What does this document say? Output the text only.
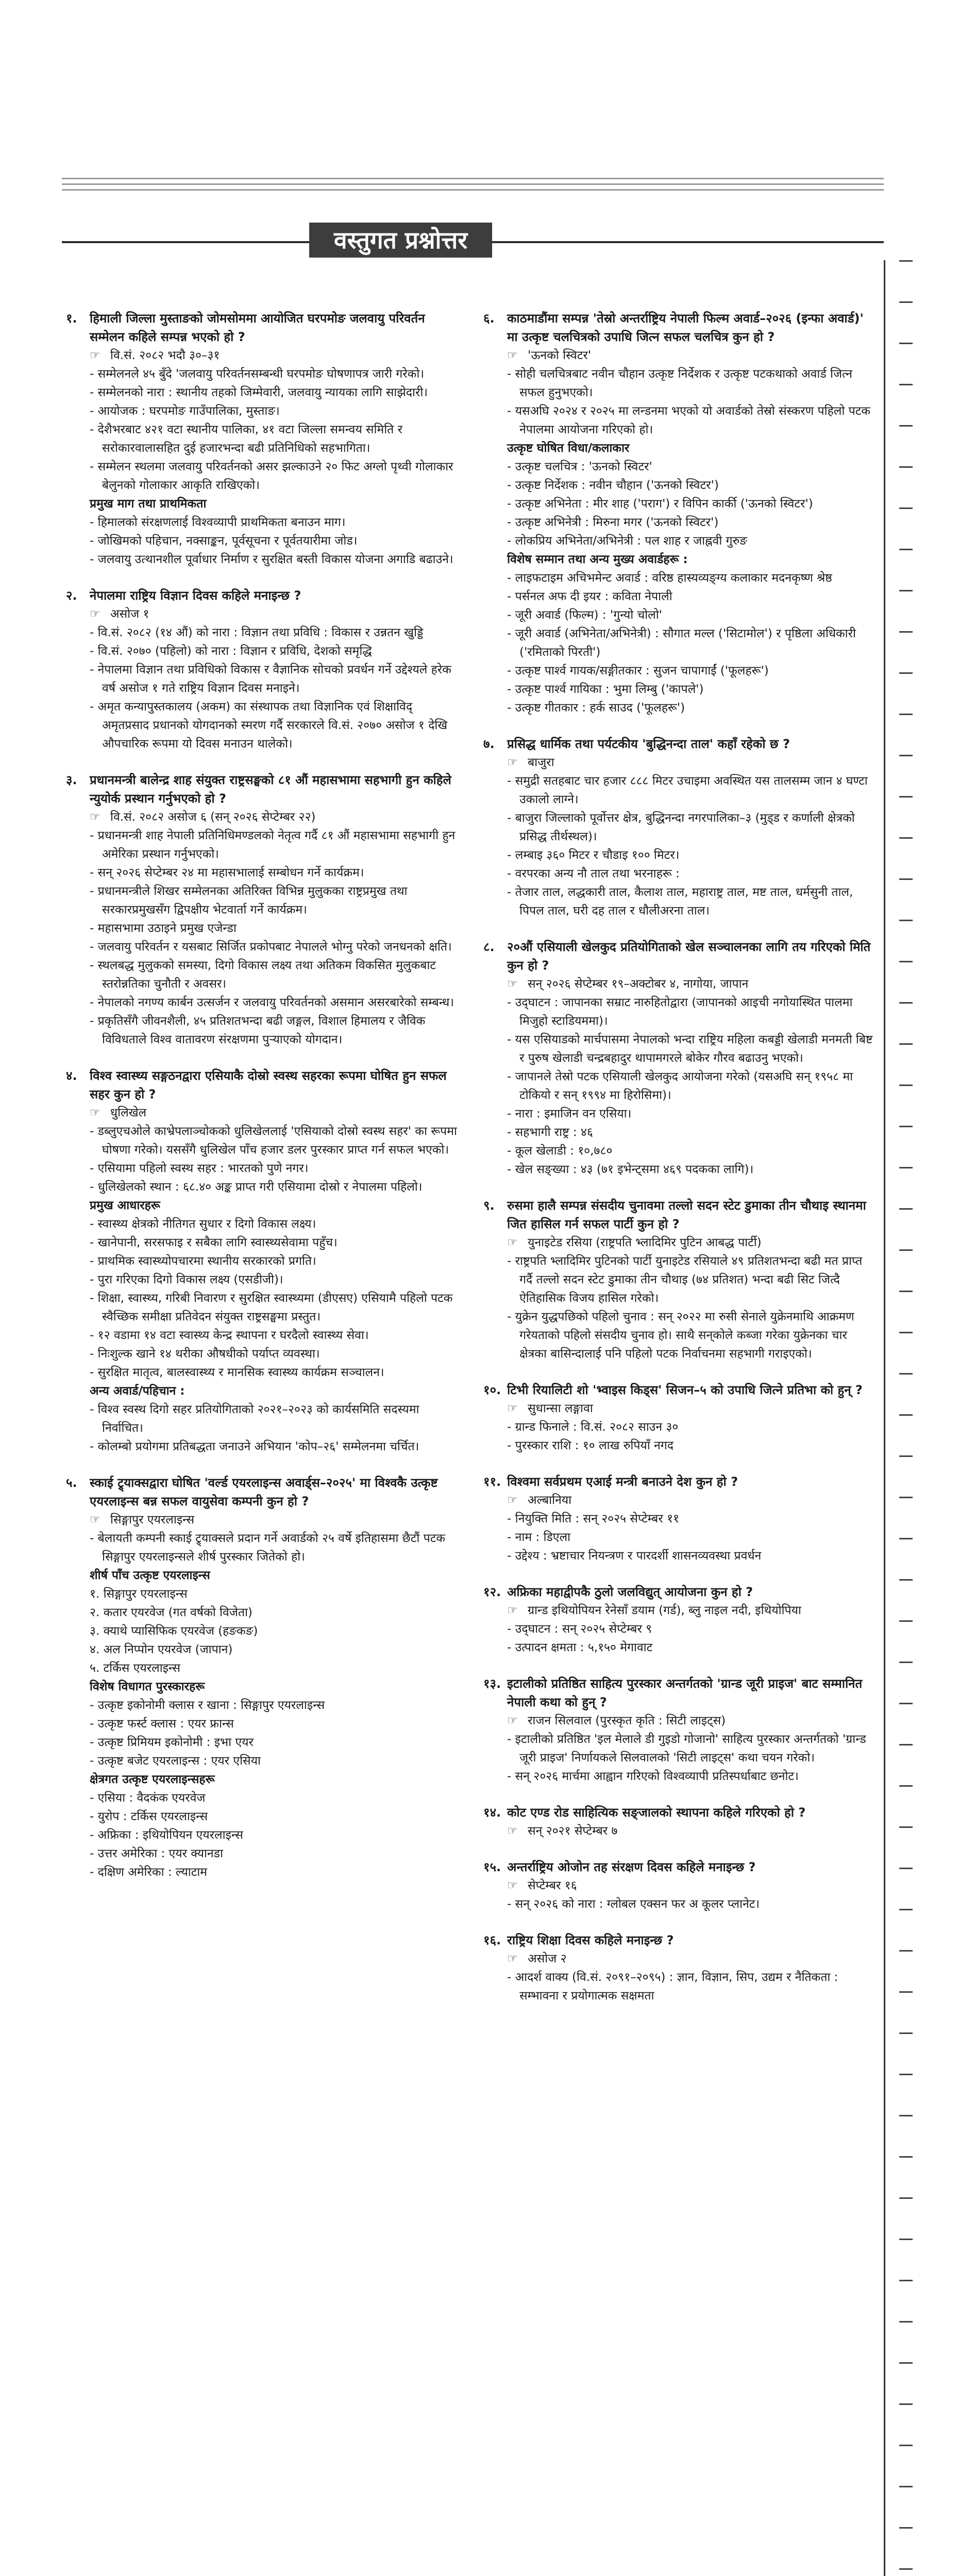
वस्तुगत प्रश्नोत्तर
१.	हिमाली जिल्ला मुस्ताङको जोमसोममा आयोजित घरपमोङ जलवायु परिवर्तन सम्मेलन कहिले सम्पन्न भएको हो ?
☞ वि.सं. २०८२ भदौ ३०–३१
- सम्मेलनले ४५ बुँदे 'जलवायु परिवर्तनसम्बन्धी घरपमोङ घोषणापत्र जारी गरेको।
- सम्मेलनको नारा : स्थानीय तहको जिम्मेवारी, जलवायु न्यायका लागि साझेदारी।
- आयोजक : घरपमोङ गाउँपालिका, मुस्ताङ।
- देशैभरबाट ४२१ वटा स्थानीय पालिका, ४१ वटा जिल्ला समन्वय समिति र सरोकारवालासहित दुई हजारभन्दा बढी प्रतिनिधिको सहभागिता।
- सम्मेलन स्थलमा जलवायु परिवर्तनको असर झल्काउने २० फिट अग्लो पृथ्वी गोलाकार बेलुनको गोलाकार आकृति राखिएको।
प्रमुख माग तथा प्राथमिकता
- हिमालको संरक्षणलाई विश्वव्यापी प्राथमिकता बनाउन माग।
- जोखिमको पहिचान, नक्साङ्कन, पूर्वसूचना र पूर्वतयारीमा जोड।
- जलवायु उत्थानशील पूर्वाधार निर्माण र सुरक्षित बस्ती विकास योजना अगाडि बढाउने।
२.	नेपालमा राष्ट्रिय विज्ञान दिवस कहिले मनाइन्छ ?
☞ असोज १
- वि.सं. २०८२ (१४ औं) को नारा : विज्ञान तथा प्रविधि : विकास र उन्नतन खुड्डि
- वि.सं. २०७० (पहिलो) को नारा : विज्ञान र प्रविधि, देशको समृद्धि
- नेपालमा विज्ञान तथा प्रविधिको विकास र वैज्ञानिक सोचको प्रवर्धन गर्ने उद्देश्यले हरेक वर्ष असोज १ गते राष्ट्रिय विज्ञान दिवस मनाइने।
- अमृत कन्यापुस्तकालय (अकम) का संस्थापक तथा विज्ञानिक एवं शिक्षाविद् अमृतप्रसाद प्रधानको योगदानको स्मरण गर्दै सरकारले वि.सं. २०७० असोज १ देखि औपचारिक रूपमा यो दिवस मनाउन थालेको।
३.	प्रधानमन्त्री बालेन्द्र शाह संयुक्त राष्ट्रसङ्घको ८१ औं महासभामा सहभागी हुन कहिले न्युयोर्क प्रस्थान गर्नुभएको हो ?
☞ वि.सं. २०८२ असोज ६ (सन् २०२६ सेप्टेम्बर २२)
- प्रधानमन्त्री शाह नेपाली प्रतिनिधिमण्डलको नेतृत्व गर्दै ८१ औं महासभामा सहभागी हुन अमेरिका प्रस्थान गर्नुभएको।
- सन् २०२६ सेप्टेम्बर २४ मा महासभालाई सम्बोधन गर्ने कार्यक्रम।
- प्रधानमन्त्रीले शिखर सम्मेलनका अतिरिक्त विभिन्न मुलुकका राष्ट्रप्रमुख तथा सरकारप्रमुखसँग द्विपक्षीय भेटवार्ता गर्ने कार्यक्रम।
- महासभामा उठाइने प्रमुख एजेन्डा
- जलवायु परिवर्तन र यसबाट सिर्जित प्रकोपबाट नेपालले भोग्नु परेको जनधनको क्षति।
- स्थलबद्ध मुलुकको समस्या, दिगो विकास लक्ष्य तथा अतिकम विकसित मुलुकबाट स्तरोन्नतिका चुनौती र अवसर।
- नेपालको नगण्य कार्बन उत्सर्जन र जलवायु परिवर्तनको असमान असरबारेको सम्बन्ध।
- प्रकृतिसँगै जीवनशैली, ४५ प्रतिशतभन्दा बढी जङ्गल, विशाल हिमालय र जैविक विविधताले विश्व वातावरण संरक्षणमा पुऱ्याएको योगदान।
४.	विश्व स्वास्थ्य सङ्गठनद्वारा एसियाकै दोस्रो स्वस्थ सहरका रूपमा घोषित हुन सफल सहर कुन हो ?
☞ धुलिखेल
- डब्लुएचओले काभ्रेपलाञ्चोकको धुलिखेललाई 'एसियाको दोस्रो स्वस्थ सहर' का रूपमा घोषणा गरेको। यससँगै धुलिखेल पाँच हजार डलर पुरस्कार प्राप्त गर्न सफल भएको।
- एसियामा पहिलो स्वस्थ सहर : भारतको पुणे नगर।
- धुलिखेलको स्थान : ६८.४० अङ्क प्राप्त गरी एसियामा दोस्रो र नेपालमा पहिलो।
प्रमुख आधारहरू
- स्वास्थ्य क्षेत्रको नीतिगत सुधार र दिगो विकास लक्ष्य।
- खानेपानी, सरसफाइ र सबैका लागि स्वास्थ्यसेवामा पहुँच।
- प्राथमिक स्वास्थ्योपचारमा स्थानीय सरकारको प्रगति।
- पुरा गरिएका दिगो विकास लक्ष्य (एसडीजी)।
- शिक्षा, स्वास्थ्य, गरिबी निवारण र सुरक्षित स्वास्थ्यमा (डीएसए) एसियामै पहिलो पटक स्वैच्छिक समीक्षा प्रतिवेदन संयुक्त राष्ट्रसङ्घमा प्रस्तुत।
- १२ वडामा १४ वटा स्वास्थ्य केन्द्र स्थापना र घरदैलो स्वास्थ्य सेवा।
- निःशुल्क खाने १४ थरीका औषधीको पर्याप्त व्यवस्था।
- सुरक्षित मातृत्व, बालस्वास्थ्य र मानसिक स्वास्थ्य कार्यक्रम सञ्चालन।
अन्य अवार्ड/पहिचान :
- विश्व स्वस्थ दिगो सहर प्रतियोगिताको २०२१–२०२३ को कार्यसमिति सदस्यमा निर्वाचित।
- कोलम्बो प्रयोगमा प्रतिबद्धता जनाउने अभियान 'कोप–२६' सम्मेलनमा चर्चित।
५.	स्काई ट्र्याक्सद्वारा घोषित 'वर्ल्ड एयरलाइन्स अवार्ड्स–२०२५' मा विश्वकै उत्कृष्ट एयरलाइन्स बन्न सफल वायुसेवा कम्पनी कुन हो ?
☞ सिङ्गापुर एयरलाइन्स
- बेलायती कम्पनी स्काई ट्र्याक्सले प्रदान गर्ने अवार्डको २५ वर्षे इतिहासमा छैटौं पटक सिङ्गापुर एयरलाइन्सले शीर्ष पुरस्कार जितेको हो।
शीर्ष पाँच उत्कृष्ट एयरलाइन्स
१. सिङ्गापुर एयरलाइन्स
२. कतार एयरवेज (गत वर्षको विजेता)
३. क्याथे प्यासिफिक एयरवेज (हङकङ)
४. अल निप्पोन एयरवेज (जापान)
५. टर्किस एयरलाइन्स
विशेष विधागत पुरस्कारहरू
- उत्कृष्ट इकोनोमी क्लास र खाना : सिङ्गापुर एयरलाइन्स
- उत्कृष्ट फर्स्ट क्लास : एयर फ्रान्स
- उत्कृष्ट प्रिमियम इकोनोमी : इभा एयर
- उत्कृष्ट बजेट एयरलाइन्स : एयर एसिया
क्षेत्रगत उत्कृष्ट एयरलाइन्सहरू
- एसिया : वैदकंक एयरवेज
- युरोप : टर्किस एयरलाइन्स
- अफ्रिका : इथियोपियन एयरलाइन्स
- उत्तर अमेरिका : एयर क्यानडा
- दक्षिण अमेरिका : ल्याटाम
६.	काठमाडौंमा सम्पन्न 'तेस्रो अन्तर्राष्ट्रिय नेपाली फिल्म अवार्ड–२०२६ (इन्फा अवार्ड)' मा उत्कृष्ट चलचित्रको उपाधि जित्न सफल चलचित्र कुन हो ?
☞ 'ऊनको स्विटर'
- सोही चलचित्रबाट नवीन चौहान उत्कृष्ट निर्देशक र उत्कृष्ट पटकथाको अवार्ड जित्न सफल हुनुभएको।
- यसअघि २०२४ र २०२५ मा लन्डनमा भएको यो अवार्डको तेस्रो संस्करण पहिलो पटक नेपालमा आयोजना गरिएको हो।
उत्कृष्ट घोषित विधा/कलाकार
- उत्कृष्ट चलचित्र : 'ऊनको स्विटर'
- उत्कृष्ट निर्देशक : नवीन चौहान ('ऊनको स्विटर')
- उत्कृष्ट अभिनेता : मीर शाह ('पराग') र विपिन कार्की ('ऊनको स्विटर')
- उत्कृष्ट अभिनेत्री : मिरुना मगर ('ऊनको स्विटर')
- लोकप्रिय अभिनेता/अभिनेत्री : पल शाह र जाह्नवी गुरुङ
विशेष सम्मान तथा अन्य मुख्य अवार्डहरू :
- लाइफटाइम अचिभमेन्ट अवार्ड : वरिष्ठ हास्यव्यङ्ग्य कलाकार मदनकृष्ण श्रेष्ठ
- पर्सनल अफ दी इयर : कविता नेपाली
- जूरी अवार्ड (फिल्म) : 'गुन्यो चोलो'
- जूरी अवार्ड (अभिनेता/अभिनेत्री) : सौगात मल्ल ('सिटामोल') र पृष्ठिला अधिकारी ('रमिताको पिरती')
- उत्कृष्ट पार्श्व गायक/सङ्गीतकार : सुजन चापागाईं ('फूलहरू')
- उत्कृष्ट पार्श्व गायिका : भुमा लिम्बु ('कापले')
- उत्कृष्ट गीतकार : हर्क साउद ('फूलहरू')
७.	प्रसिद्ध धार्मिक तथा पर्यटकीय 'बुद्धिनन्दा ताल' कहाँ रहेको छ ?
☞ बाजुरा
- समुद्री सतहबाट चार हजार ८८८ मिटर उचाइमा अवस्थित यस तालसम्म जान ४ घण्टा उकालो लाग्ने।
- बाजुरा जिल्लाको पूर्वोत्तर क्षेत्र, बुद्धिनन्दा नगरपालिका–३ (मुड्‌ड र कर्णाली क्षेत्रको प्रसिद्ध तीर्थस्थल)।
- लम्बाइ ३६० मिटर र चौडाइ १०० मिटर।
- वरपरका अन्य नौ ताल तथा भरनाहरू :
- तेजार ताल, लद्धकारी ताल, कैलाश ताल, महाराष्ट्र ताल, मष्ट ताल, धर्मसुनी ताल, पिपल ताल, घरी दह ताल र धौलीअरना ताल।
८.	२०औं एसियाली खेलकुद प्रतियोगिताको खेल सञ्चालनका लागि तय गरिएको मिति कुन हो ?
☞ सन् २०२६ सेप्टेम्बर १९–अक्टोबर ४, नागोया, जापान
- उद्‌घाटन : जापानका सम्राट नारुहितोद्वारा (जापानको आइची नगोयास्थित पालमा मिजुहो स्टाडियममा)।
- यस एसियाडको मार्चपासमा नेपालको भन्दा राष्ट्रिय महिला कबड्डी खेलाडी मनमती बिष्ट र पुरुष खेलाडी चन्द्रबहादुर थापामगरले बोकेर गौरव बढाउनु भएको।
- जापानले तेस्रो पटक एसियाली खेलकुद आयोजना गरेको (यसअघि सन् १९५८ मा टोकियो र सन् १९९४ मा हिरोसिमा)।
- नारा : इमाजिन वन एसिया।
- सहभागी राष्ट्र : ४६
- कूल खेलाडी : १०,७८०
- खेल सङ्ख्या : ४३ (७१ इभेन्ट्समा ४६९ पदकका लागि)।
९.	रुसमा हालै सम्पन्न संसदीय चुनावमा तल्लो सदन स्टेट डुमाका तीन चौथाइ स्थानमा जित हासिल गर्न सफल पार्टी कुन हो ?
☞ युनाइटेड रसिया (राष्ट्रपति भ्लादिमिर पुटिन आबद्ध पार्टी)
- राष्ट्रपति भ्लादिमिर पुटिनको पार्टी युनाइटेड रसियाले ४९ प्रतिशतभन्दा बढी मत प्राप्त गर्दै तल्लो सदन स्टेट डुमाका तीन चौथाइ (७४ प्रतिशत) भन्दा बढी सिट जित्दै ऐतिहासिक विजय हासिल गरेको।
- युक्रेन युद्धपछिको पहिलो चुनाव : सन् २०२२ मा रुसी सेनाले युक्रेनमाथि आक्रमण गरेयताको पहिलो संसदीय चुनाव हो। साथै सन्‌कोले कब्जा गरेका युक्रेनका चार क्षेत्रका बासिन्दालाई पनि पहिलो पटक निर्वाचनमा सहभागी गराइएको।
१०. टिभी रियालिटी शो 'भ्वाइस किड्स' सिजन–५ को उपाधि जित्ने प्रतिभा को हुन् ?
☞ सुधान्सा लङ्गावा
- ग्रान्ड फिनाले : वि.सं. २०८२ साउन ३०
- पुरस्कार राशि : १० लाख रुपियाँ नगद
११. विश्वमा सर्वप्रथम एआई मन्त्री बनाउने देश कुन हो ?
☞ अल्बानिया
- नियुक्ति मिति : सन् २०२५ सेप्टेम्बर ११
- नाम : डिएला
- उद्देश्य : भ्रष्टाचार नियन्त्रण र पारदर्शी शासनव्यवस्था प्रवर्धन
१२. अफ्रिका महाद्वीपकै ठुलो जलविद्युत् आयोजना कुन हो ?
☞ ग्रान्ड इथियोपियन रेनेसाँ डयाम (गर्ड), ब्लु नाइल नदी, इथियोपिया
- उद्‌घाटन : सन् २०२५ सेप्टेम्बर ९
- उत्पादन क्षमता : ५,१५० मेगावाट
१३. इटालीको प्रतिष्ठित साहित्य पुरस्कार अन्तर्गतको 'ग्रान्ड जूरी प्राइज' बाट सम्मानित नेपाली कथा को हुन् ?
☞ राजन सिलवाल (पुरस्कृत कृति : सिटी लाइट्स)
- इटालीको प्रतिष्ठित 'इल मेलाले डी गुइडो गोजानो' साहित्य पुरस्कार अन्तर्गतको 'ग्रान्ड जूरी प्राइज' निर्णायकले सिलवालको 'सिटी लाइट्स' कथा चयन गरेको।
- सन् २०२६ मार्चमा आह्वान गरिएको विश्वव्यापी प्रतिस्पर्धाबाट छनोट।
१४. कोट एण्ड रोड साहित्यिक सङ्जालको स्थापना कहिले गरिएको हो ?
☞ सन् २०२१ सेप्टेम्बर ७
१५. अन्तर्राष्ट्रिय ओजोन तह संरक्षण दिवस कहिले मनाइन्छ ?
☞ सेप्टेम्बर १६
- सन् २०२६ को नारा : ग्लोबल एक्सन फर अ कूलर प्लानेट।
१६. राष्ट्रिय शिक्षा दिवस कहिले मनाइन्छ ?
☞ असोज २
- आदर्श वाक्य (वि.सं. २०९१–२०९५) : ज्ञान, विज्ञान, सिप, उद्यम र नैतिकता : सम्भावना र प्रयोगात्मक सक्षमता
